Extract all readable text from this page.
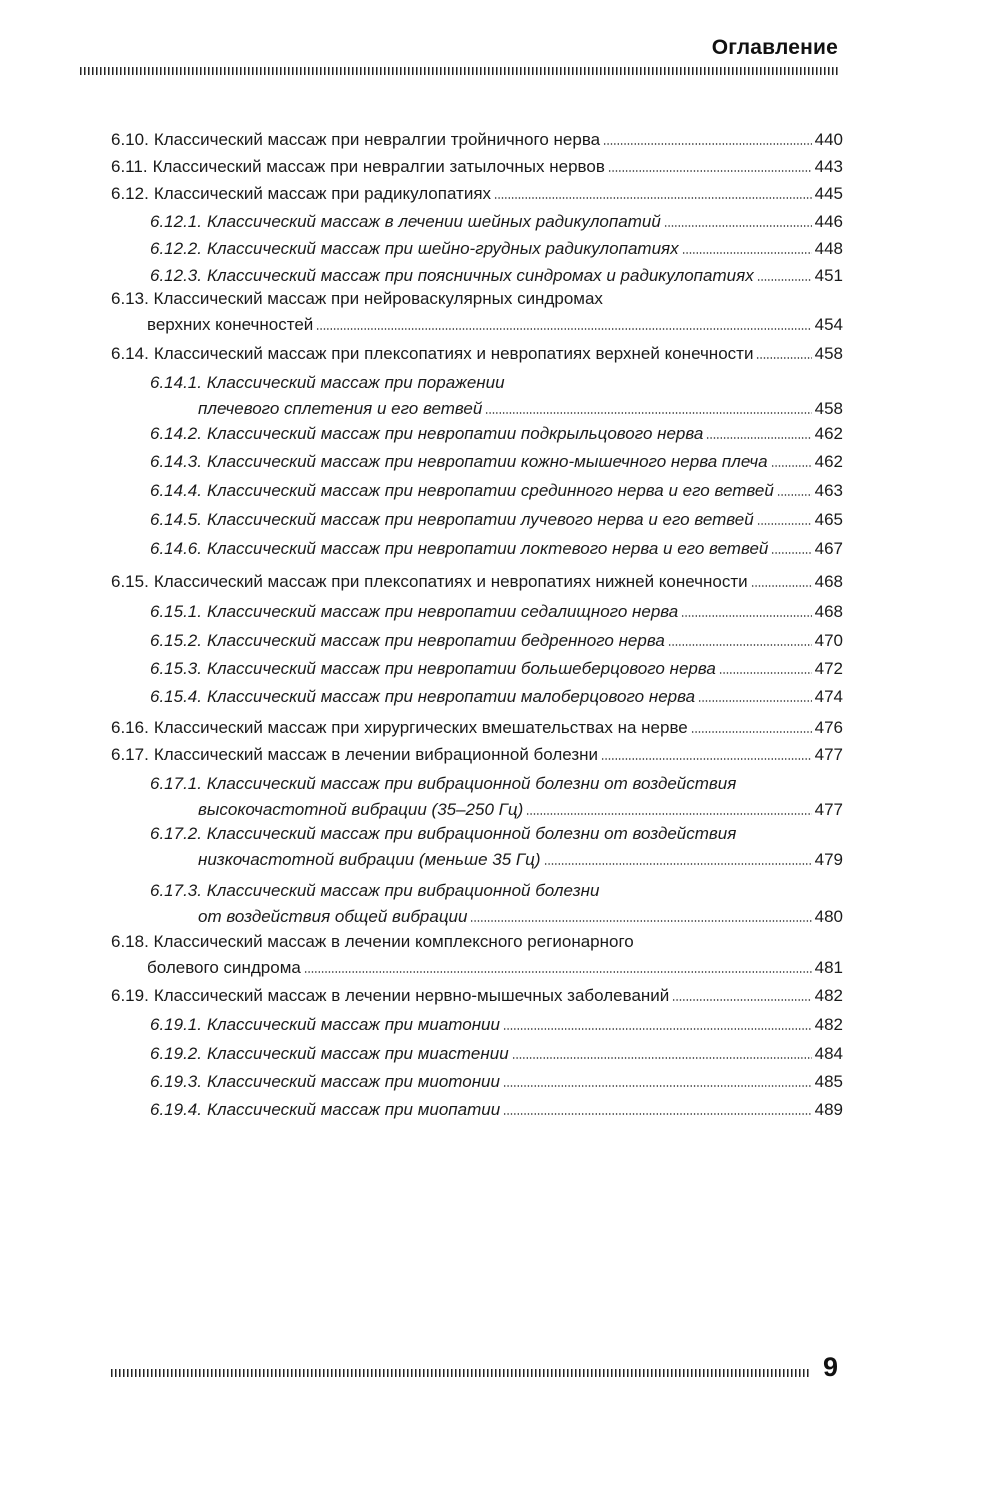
Оглавление
6.10. Классический массаж при невралгии тройничного нерва	440
6.11. Классический массаж при невралгии затылочных нервов	443
6.12. Классический массаж при радикулопатиях	445
6.12.1. Классический массаж в лечении шейных радикулопатий	446
6.12.2. Классический массаж при шейно-грудных радикулопатиях	448
6.12.3. Классический массаж при поясничных синдромах и радикулопатиях	451
6.13.
Классический массаж при нейроваскулярных синдромах
верхних конечностей	454
6.14. Классический массаж при плексопатиях и невропатиях верхней конечности	458
6.14.1.
Классический массаж при поражении
плечевого сплетения и его ветвей	458
6.14.2. Классический массаж при невропатии подкрыльцового нерва	462
6.14.3. Классический массаж при невропатии кожно-мышечного нерва плеча	462
6.14.4. Классический массаж при невропатии срединного нерва и его ветвей 463
6.14.5. Классический массаж при невропатии лучевого нерва и его ветвей	465
6.14.6. Классический массаж при невропатии локтевого нерва и его ветвей	467
6.15. Классический массаж при плексопатиях и невропатиях нижней конечности	468
6.15.1. Классический массаж при невропатии седалищного нерва	468
6.15.2. Классический массаж при невропатии бедренного нерва	470
6.15.3. Классический массаж при невропатии большеберцового нерва	472
6.15.4. Классический массаж при невропатии малоберцового нерва	474
6.16. Классический массаж при хирургических вмешательствах на нерве	476
6.17. Классический массаж в лечении вибрационной болезни	477
6.17.1.
Классический массаж при вибрационной болезни от воздействия
высокочастотной вибрации (35–250 Гц)	477
6.17.2.
Классический массаж при вибрационной болезни от воздействия
низкочастотной вибрации (меньше 35 Гц)	479
6.17.3.
Классический массаж при вибрационной болезни
от воздействия общей вибрации	480
6.18.
Классический массаж в лечении комплексного регионарного
болевого синдрома	481
6.19. Классический массаж в лечении нервно-мышечных заболеваний	482
6.19.1. Классический массаж при миатонии	482
6.19.2. Классический массаж при миастении	484
6.19.3. Классический массаж при миотонии	485
6.19.4. Классический массаж при миопатии	489
9
